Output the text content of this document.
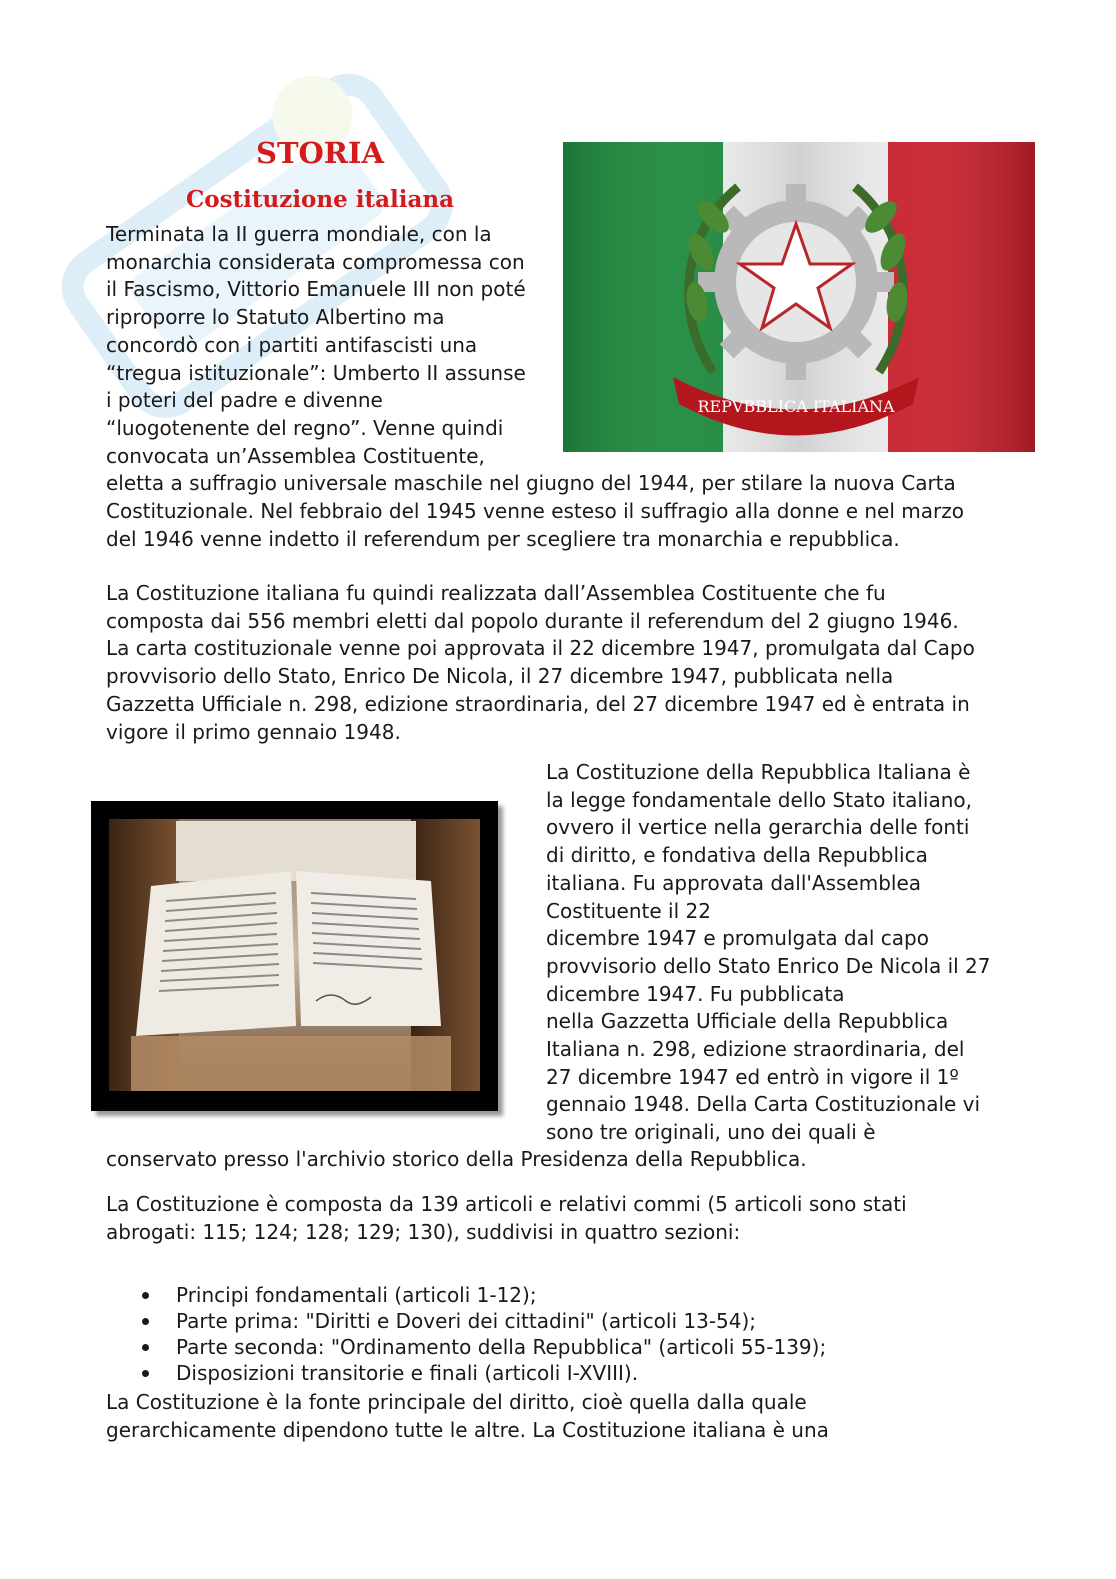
STORIA
Costituzione italiana
REPVBBLICA ITALIANA
Terminata la II guerra mondiale, con la
monarchia considerata compromessa con
il Fascismo, Vittorio Emanuele III non poté
riproporre lo Statuto Albertino ma
concordò con i partiti antifascisti una
“tregua istituzionale”: Umberto II assunse
i poteri del padre e divenne
“luogotenente del regno”. Venne quindi
convocata un’Assemblea Costituente,
eletta a suffragio universale maschile nel giugno del 1944, per stilare la nuova Carta
Costituzionale. Nel febbraio del 1945 venne esteso il suffragio alla donne e nel marzo
del 1946 venne indetto il referendum per scegliere tra monarchia e repubblica.
La Costituzione italiana fu quindi realizzata dall’Assemblea Costituente che fu
composta dai 556 membri eletti dal popolo durante il referendum del 2 giugno 1946.
La carta costituzionale venne poi approvata il 22 dicembre 1947, promulgata dal Capo
provvisorio dello Stato, Enrico De Nicola, il 27 dicembre 1947, pubblicata nella
Gazzetta Ufficiale n. 298, edizione straordinaria, del 27 dicembre 1947 ed è entrata in
vigore il primo gennaio 1948.
La Costituzione della Repubblica Italiana è
la legge fondamentale dello Stato italiano,
ovvero il vertice nella gerarchia delle fonti
di diritto, e fondativa della Repubblica
italiana. Fu approvata dall'Assemblea
Costituente il 22
dicembre 1947 e promulgata dal capo
provvisorio dello Stato Enrico De Nicola il 27
dicembre 1947. Fu pubblicata
nella Gazzetta Ufficiale della Repubblica
Italiana n. 298, edizione straordinaria, del
27 dicembre 1947 ed entrò in vigore il 1º
gennaio 1948. Della Carta Costituzionale vi
sono tre originali, uno dei quali è
conservato presso l'archivio storico della Presidenza della Repubblica.
La Costituzione è composta da 139 articoli e relativi commi (5 articoli sono stati
abrogati: 115; 124; 128; 129; 130), suddivisi in quattro sezioni:
Principi fondamentali (articoli 1-12);
Parte prima: "Diritti e Doveri dei cittadini" (articoli 13-54);
Parte seconda: "Ordinamento della Repubblica" (articoli 55-139);
Disposizioni transitorie e finali (articoli I-XVIII).
La Costituzione è la fonte principale del diritto, cioè quella dalla quale
gerarchicamente dipendono tutte le altre. La Costituzione italiana è una
